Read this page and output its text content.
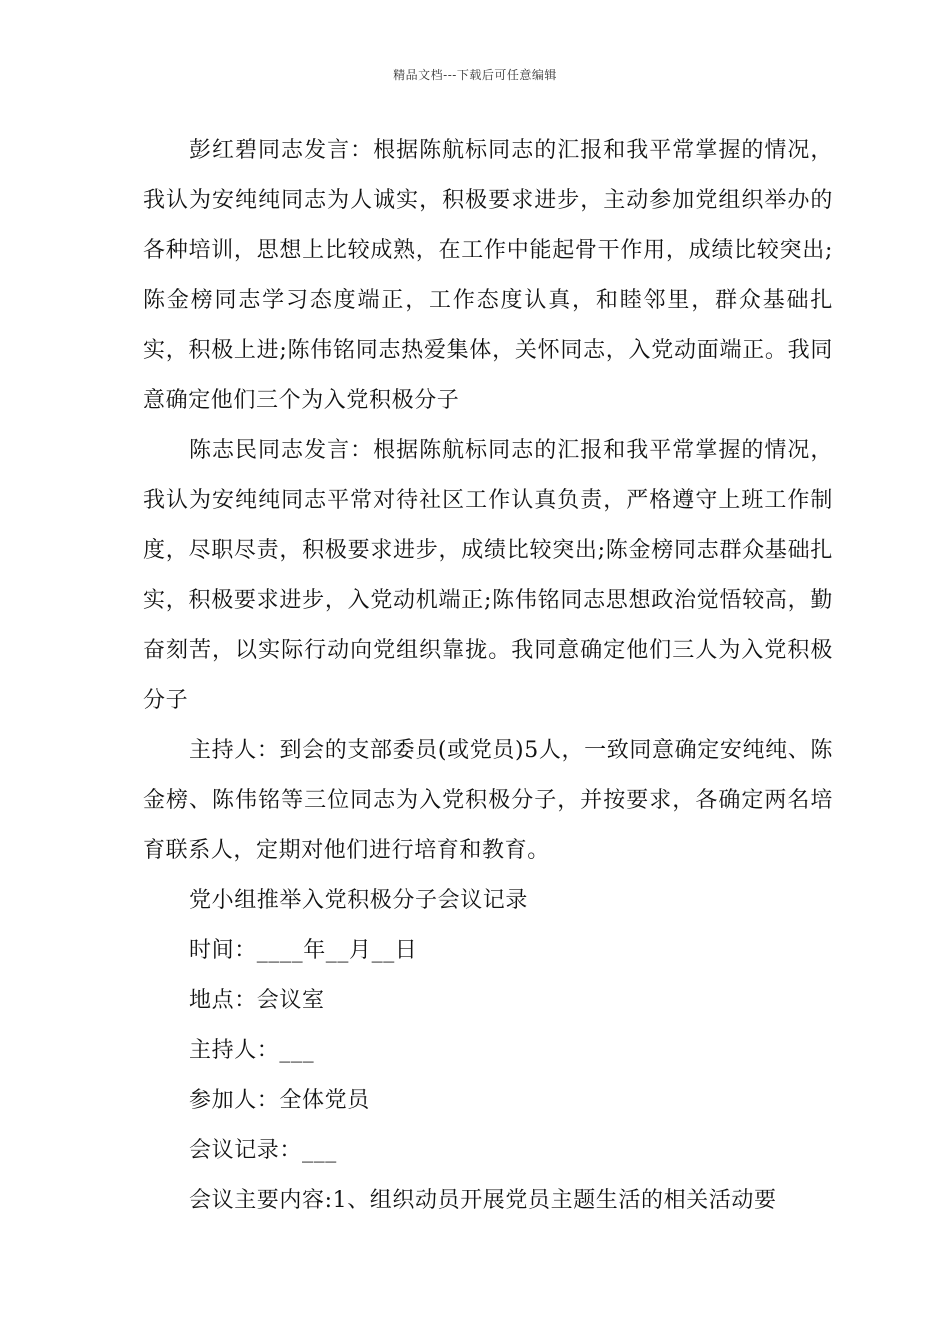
精品文档---下载后可任意编辑

彭红碧同志发言：根据陈航标同志的汇报和我平常掌握的情况，我认为安纯纯同志为人诚实，积极要求进步，主动参加党组织举办的各种培训，思想上比较成熟，在工作中能起骨干作用，成绩比较突出;陈金榜同志学习态度端正，工作态度认真，和睦邻里，群众基础扎实，积极上进;陈伟铭同志热爱集体，关怀同志，入党动面端正。我同意确定他们三个为入党积极分子

陈志民同志发言：根据陈航标同志的汇报和我平常掌握的情况，我认为安纯纯同志平常对待社区工作认真负责，严格遵守上班工作制度，尽职尽责，积极要求进步，成绩比较突出;陈金榜同志群众基础扎实，积极要求进步，入党动机端正;陈伟铭同志思想政治觉悟较高，勤奋刻苦，以实际行动向党组织靠拢。我同意确定他们三人为入党积极分子

主持人：到会的支部委员(或党员)5人，一致同意确定安纯纯、陈金榜、陈伟铭等三位同志为入党积极分子，并按要求，各确定两名培育联系人，定期对他们进行培育和教育。

党小组推举入党积极分子会议记录

时间：____年__月__日

地点：会议室

主持人：___

参加人：全体党员

会议记录：___

会议主要内容:1、组织动员开展党员主题生活的相关活动要
